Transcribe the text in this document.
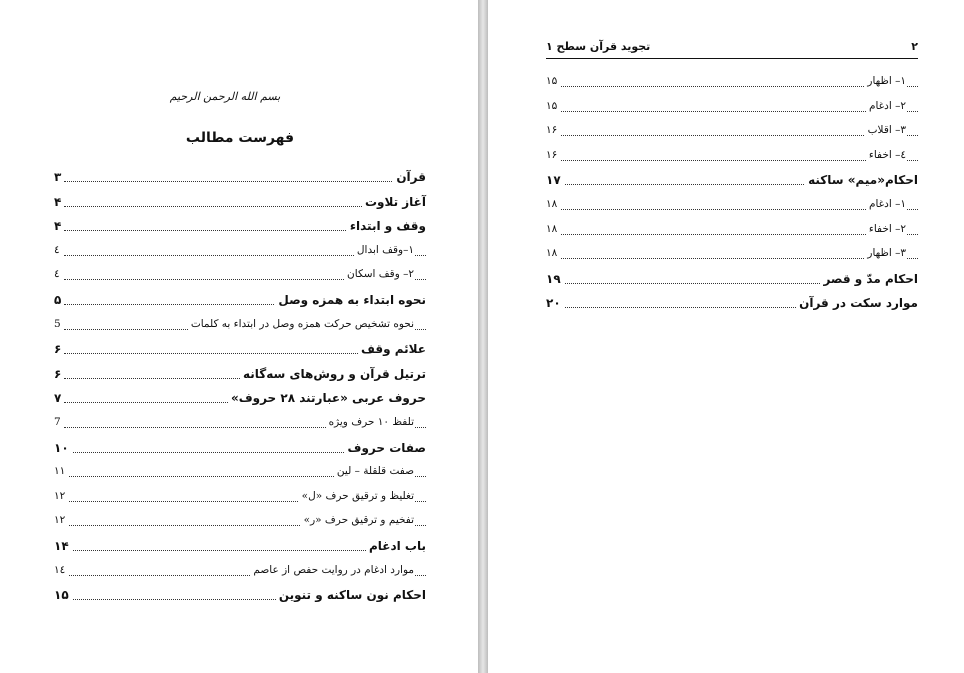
بسم الله الرحمن الرحيم
فهرست مطالب
قرآن
۳
آغاز تلاوت
۴
وقف و ابتداء
۴
۱–وقف ابدال
٤
۲– وقف اسکان
٤
نحوه ابتداء به همزه وصل
۵
نحوه تشخیص حرکت همزه وصل در ابتداء به کلمات
5
علائم وقف
۶
ترتیل قرآن و روش‌های سه‌گانه
۶
حروف عربی «عبارتند ۲۸ حروف»
۷
تلفظ ۱۰ حرف ویژه
7
صفات حروف
۱۰
صفت قلقلة – لین
۱۱
تغلیظ و ترقیق حرف «ل»
۱۲
تفخیم و ترقیق حرف «ر»
۱۲
باب ادغام
۱۴
موارد ادغام در روایت حفص از عاصم
١٤
احکام نون ساکنه و تنوین
۱۵
تجوید قرآن سطح ۱	۲
۱– اظهار
۱۵
۲– ادغام
۱۵
۳– اقلاب
۱۶
٤– اخفاء
۱۶
احکام«میم» ساکنه
۱۷
۱– ادغام
۱۸
۲– اخفاء
۱۸
۳– اظهار
۱۸
احکام مدّ و قصر
۱۹
موارد سکت در قرآن
۲۰
